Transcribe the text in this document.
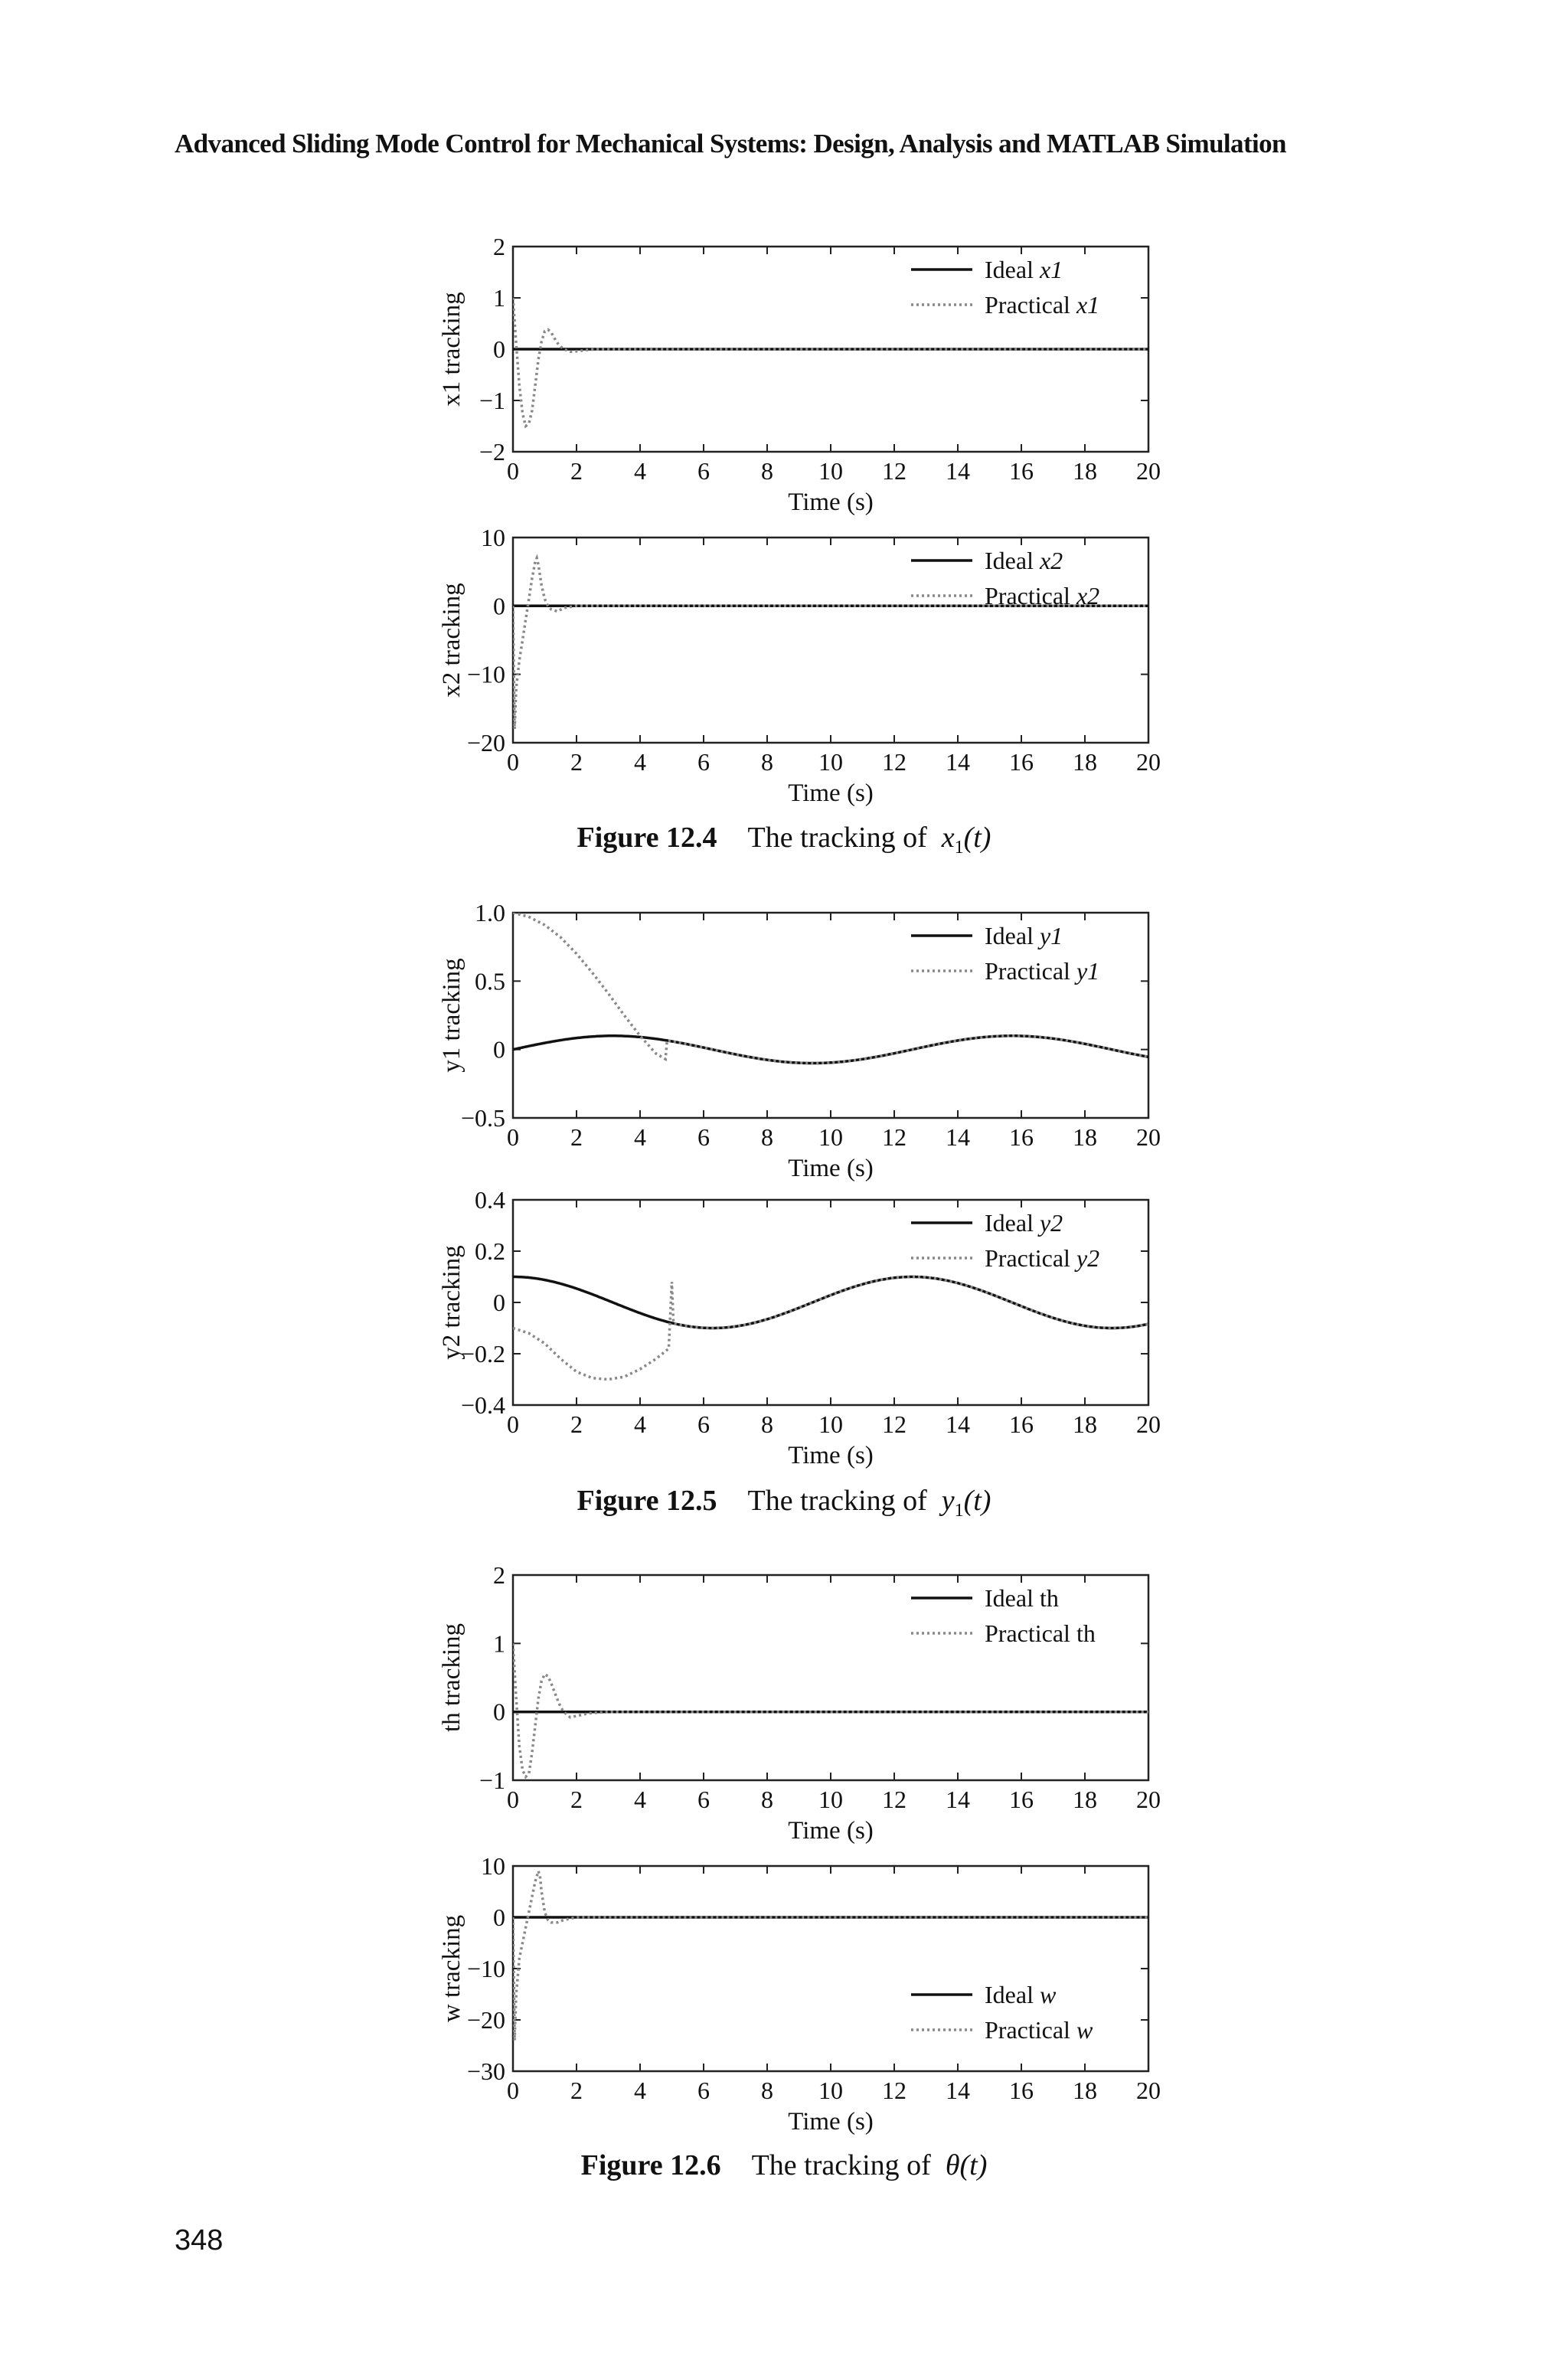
Advanced Sliding Mode Control for Mechanical Systems: Design, Analysis and MATLAB Simulation
0 2 4 6 8 10 12 14 16 18 20
−2
−1
0
1
2
Time (s)
x1 tracking
Ideal x1
Practical x1
0 2 4 6 8 10 12 14 16 18 20
−20
−10
0
10
Time (s)
x2 tracking
Ideal x2
Practical x2
Figure 12.4 The tracking of $x_1(t)$
0 2 4 6 8 10 12 14 16 18 20
−0.5
0
0.5
1.0
Time (s)
y1 tracking
Ideal y1
Practical y1
0 2 4 6 8 10 12 14 16 18 20
−0.4
−0.2
0
0.2
0.4
Time (s)
y2 tracking
Ideal y2
Practical y2
Figure 12.5 The tracking of $y_1(t)$
0 2 4 6 8 10 12 14 16 18 20
−1
0
1
2
Time (s)
th tracking
Ideal th
Practical th
0 2 4 6 8 10 12 14 16 18 20
−30
−20
−10
0
10
Time (s)
w tracking	Ideal w
Practical w
Figure 12.6 The tracking of θ(t)
348
